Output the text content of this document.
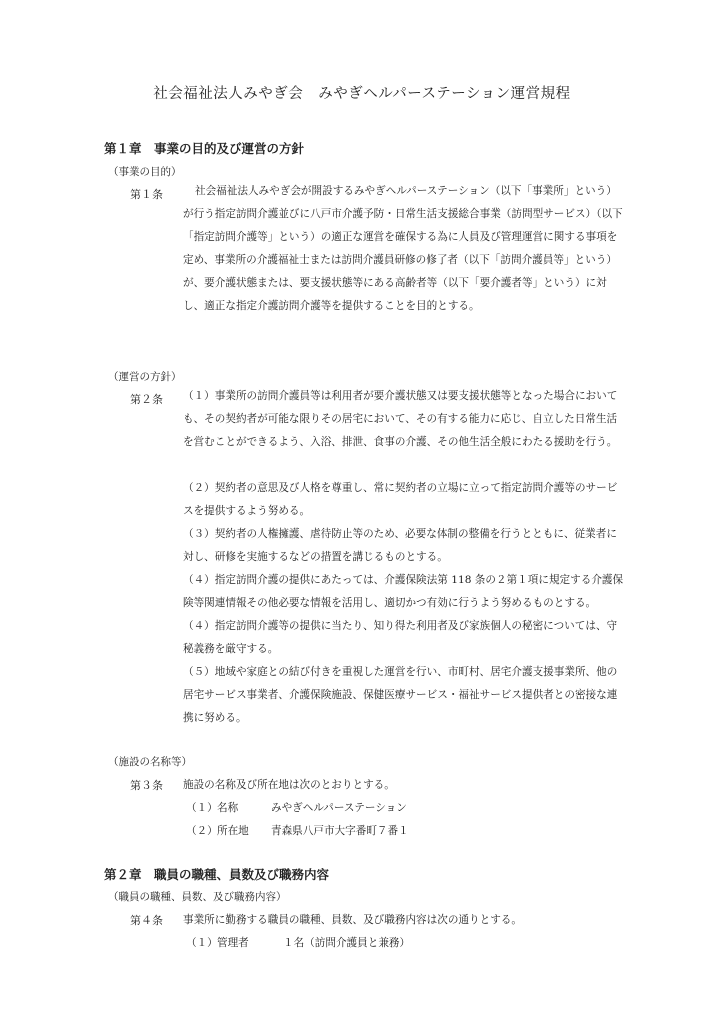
社会福祉法人みやぎ会　みやぎヘルパーステーション運営規程
第１章　事業の目的及び運営の方針
（事業の目的）
第１条	社会福祉法人みやぎ会が開設するみやぎヘルパーステーション（以下「事業所」という）が行う指定訪問介護並びに八戸市介護予防・日常生活支援総合事業（訪問型サービス）（以下「指定訪問介護等」という）の適正な運営を確保する為に人員及び管理運営に関する事項を定め、事業所の介護福祉士または訪問介護員研修の修了者（以下「訪問介護員等」という）が、要介護状態または、要支援状態等にある高齢者等（以下「要介護者等」という）に対し、適正な指定介護訪問介護等を提供することを目的とする。

（運営の方針）
第２条 （１）事業所の訪問介護員等は利用者が要介護状態又は要支援状態等となった場合においても、その契約者が可能な限りその居宅において、その有する能力に応じ、自立した日常生活を営むことができるよう、入浴、排泄、食事の介護、その他生活全般にわたる援助を行う。

（２）契約者の意思及び人格を尊重し、常に契約者の立場に立って指定訪問介護等のサービスを提供するよう努める。

（３）契約者の人権擁護、虐待防止等のため、必要な体制の整備を行うとともに、従業者に対し、研修を実施するなどの措置を講じるものとする。

（４）指定訪問介護の提供にあたっては、介護保険法第 118 条の２第１項に規定する介護保険等関連情報その他必要な情報を活用し、適切かつ有効に行うよう努めるものとする。

（４）指定訪問介護等の提供に当たり、知り得た利用者及び家族個人の秘密については、守秘義務を厳守する。

（５）地域や家庭との結び付きを重視した運営を行い、市町村、居宅介護支援事業所、他の居宅サービス事業者、介護保険施設、保健医療サービス・福祉サービス提供者との密接な連携に努める。

（施設の名称等）
第３条 施設の名称及び所在地は次のとおりとする。
（１） 名称	みやぎヘルパーステーション
（２） 所在地 青森県八戸市大字番町７番１
第２章　職員の職種、員数及び職務内容
（職員の職種、員数、及び職務内容）
第４条 事業所に勤務する職員の職種、員数、及び職務内容は次の通りとする。
（１） 管理者	１名（訪問介護員と兼務）
